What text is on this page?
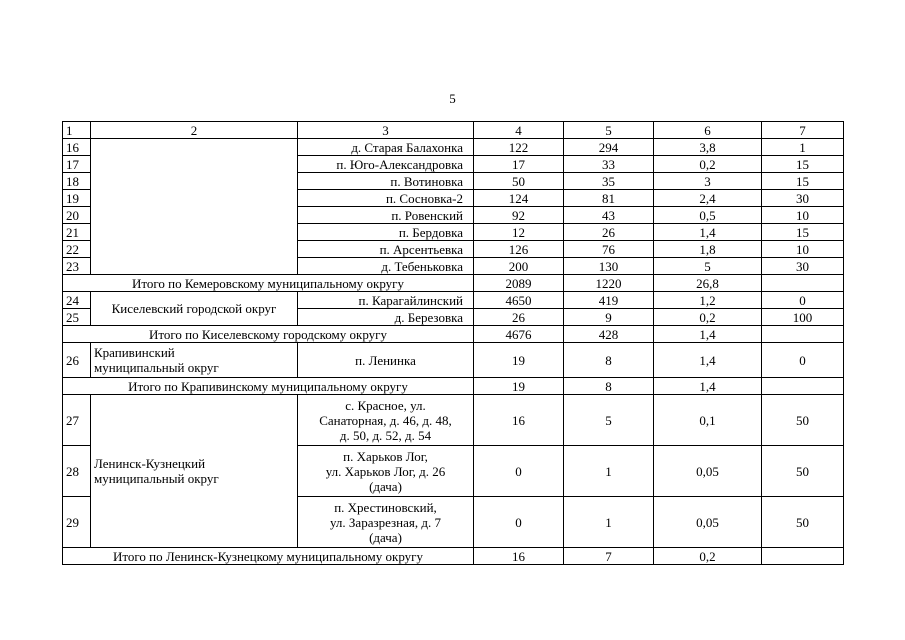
5
1	2	3	4	5	6	7
16		д. Старая Балахонка	122	294	3,8	1
17		п. Юго-Александровка	17	33	0,2	15
18		п. Вотиновка	50	35	3	15
19		п. Сосновка-2	124	81	2,4	30
20		п. Ровенский	92	43	0,5	10
21		п. Бердовка	12	26	1,4	15
22		п. Арсентьевка	126	76	1,8	10
23		д. Тебеньковка	200	130	5	30
Итого по Кемеровскому муниципальному округу			2089	1220	26,8	
24	Киселевский городской округ	п. Карагайлинский	4650	419	1,2	0
25		д. Березовка	26	9	0,2	100
Итого по Киселевскому городскому округу			4676	428	1,4	
26	Крапивинский
муниципальный округ	п. Ленинка	19	8	1,4	0
Итого по Крапивинскому муниципальному округу			19	8	1,4	
27	Ленинск-Кузнецкий
муниципальный округ	с. Красное, ул.
Санаторная, д. 46, д. 48,
д. 50, д. 52, д. 54	16	5	0,1	50
28		п. Харьков Лог,
ул. Харьков Лог, д. 26
(дача)	0	1	0,05	50
29		п. Хрестиновский,
ул. Заразрезная, д. 7
(дача)	0	1	0,05	50
Итого по Ленинск-Кузнецкому муниципальному округу			16	7	0,2	
